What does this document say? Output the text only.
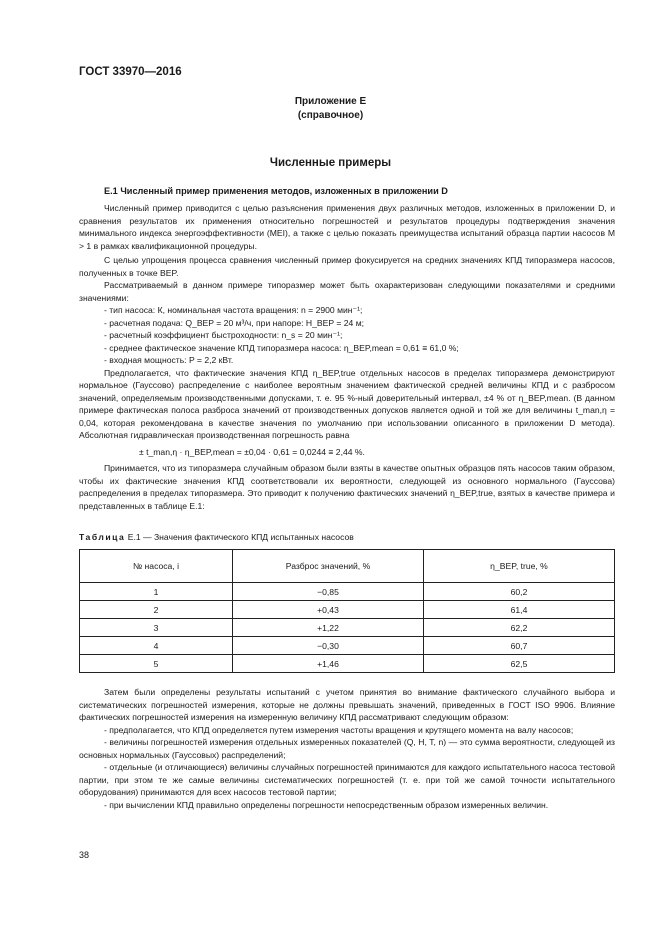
ГОСТ 33970—2016
Приложение Е
(справочное)
Численные примеры
Е.1 Численный пример применения методов, изложенных в приложении D

Численный пример приводится с целью разъяснения применения двух различных методов, изложенных в приложении D, и сравнения результатов их применения относительно погрешностей и результатов процедуры подтверждения значения минимального индекса энергоэффективности (MEI), а также с целью показать преимущества испытаний образца партии насосов M > 1 в рамках квалификационной процедуры.

С целью упрощения процесса сравнения численный пример фокусируется на средних значениях КПД типоразмера насосов, полученных в точке BEP.

Рассматриваемый в данном примере типоразмер может быть охарактеризован следующими показателями и средними значениями:

- тип насоса: К, номинальная частота вращения: n = 2900 мин⁻¹;

- расчетная подача: Q_BEP = 20 м³/ч, при напоре: H_BEP = 24 м;

- расчетный коэффициент быстроходности: n_s = 20 мин⁻¹;

- среднее фактическое значение КПД типоразмера насоса: η_BEP,mean = 0,61 ≡ 61,0 %;

- входная мощность: P = 2,2 кВт.

Предполагается, что фактические значения КПД η_BEP,true отдельных насосов в пределах типоразмера демонстрируют нормальное (Гауссово) распределение с наиболее вероятным значением фактической средней величины КПД и с разбросом значений, определяемым производственными допусками, т. е. 95 %-ный доверительный интервал, ±4 % от η_BEP,mean. (В данном примере фактическая полоса разброса значений от производственных допусков является одной и той же для величины t_man,η = 0,04, которая рекомендована в качестве значения по умолчанию при использовании описанного в приложении D метода). Абсолютная гидравлическая производственная погрешность равна

± t_man,η · η_BEP,mean = ±0,04 · 0,61 = 0,0244 ≡ 2,44 %.

Принимается, что из типоразмера случайным образом были взяты в качестве опытных образцов пять насосов таким образом, чтобы их фактические значения КПД соответствовали их вероятности, следующей из основного нормального (Гауссова) распределения в пределах типоразмера. Это приводит к получению фактических значений η_BEP,true, взятых в качестве примера и представленных в таблице Е.1:

Таблица Е.1 — Значения фактического КПД испытанных насосов
№ насоса, i	Разброс значений, %	η_BEP, true, %
1	−0,85	60,2
2	+0,43	61,4
3	+1,22	62,2
4	−0,30	60,7
5	+1,46	62,5

Затем были определены результаты испытаний с учетом принятия во внимание фактического случайного выбора и систематических погрешностей измерения, которые не должны превышать значений, приведенных в ГОСТ ISO 9906. Влияние фактических погрешностей измерения на измеренную величину КПД рассматривают следующим образом:

- предполагается, что КПД определяется путем измерения частоты вращения и крутящего момента на валу насосов;

- величины погрешностей измерения отдельных измеренных показателей (Q, H, T, n) — это сумма вероятности, следующей из основных нормальных (Гауссовых) распределений;

- отдельные (и отличающиеся) величины случайных погрешностей принимаются для каждого испытательного насоса тестовой партии, при этом те же самые величины систематических погрешностей (т. е. при той же самой точности испытательного оборудования) принимаются для всех насосов тестовой партии;

- при вычислении КПД правильно определены погрешности непосредственным образом измеренных величин.

38
